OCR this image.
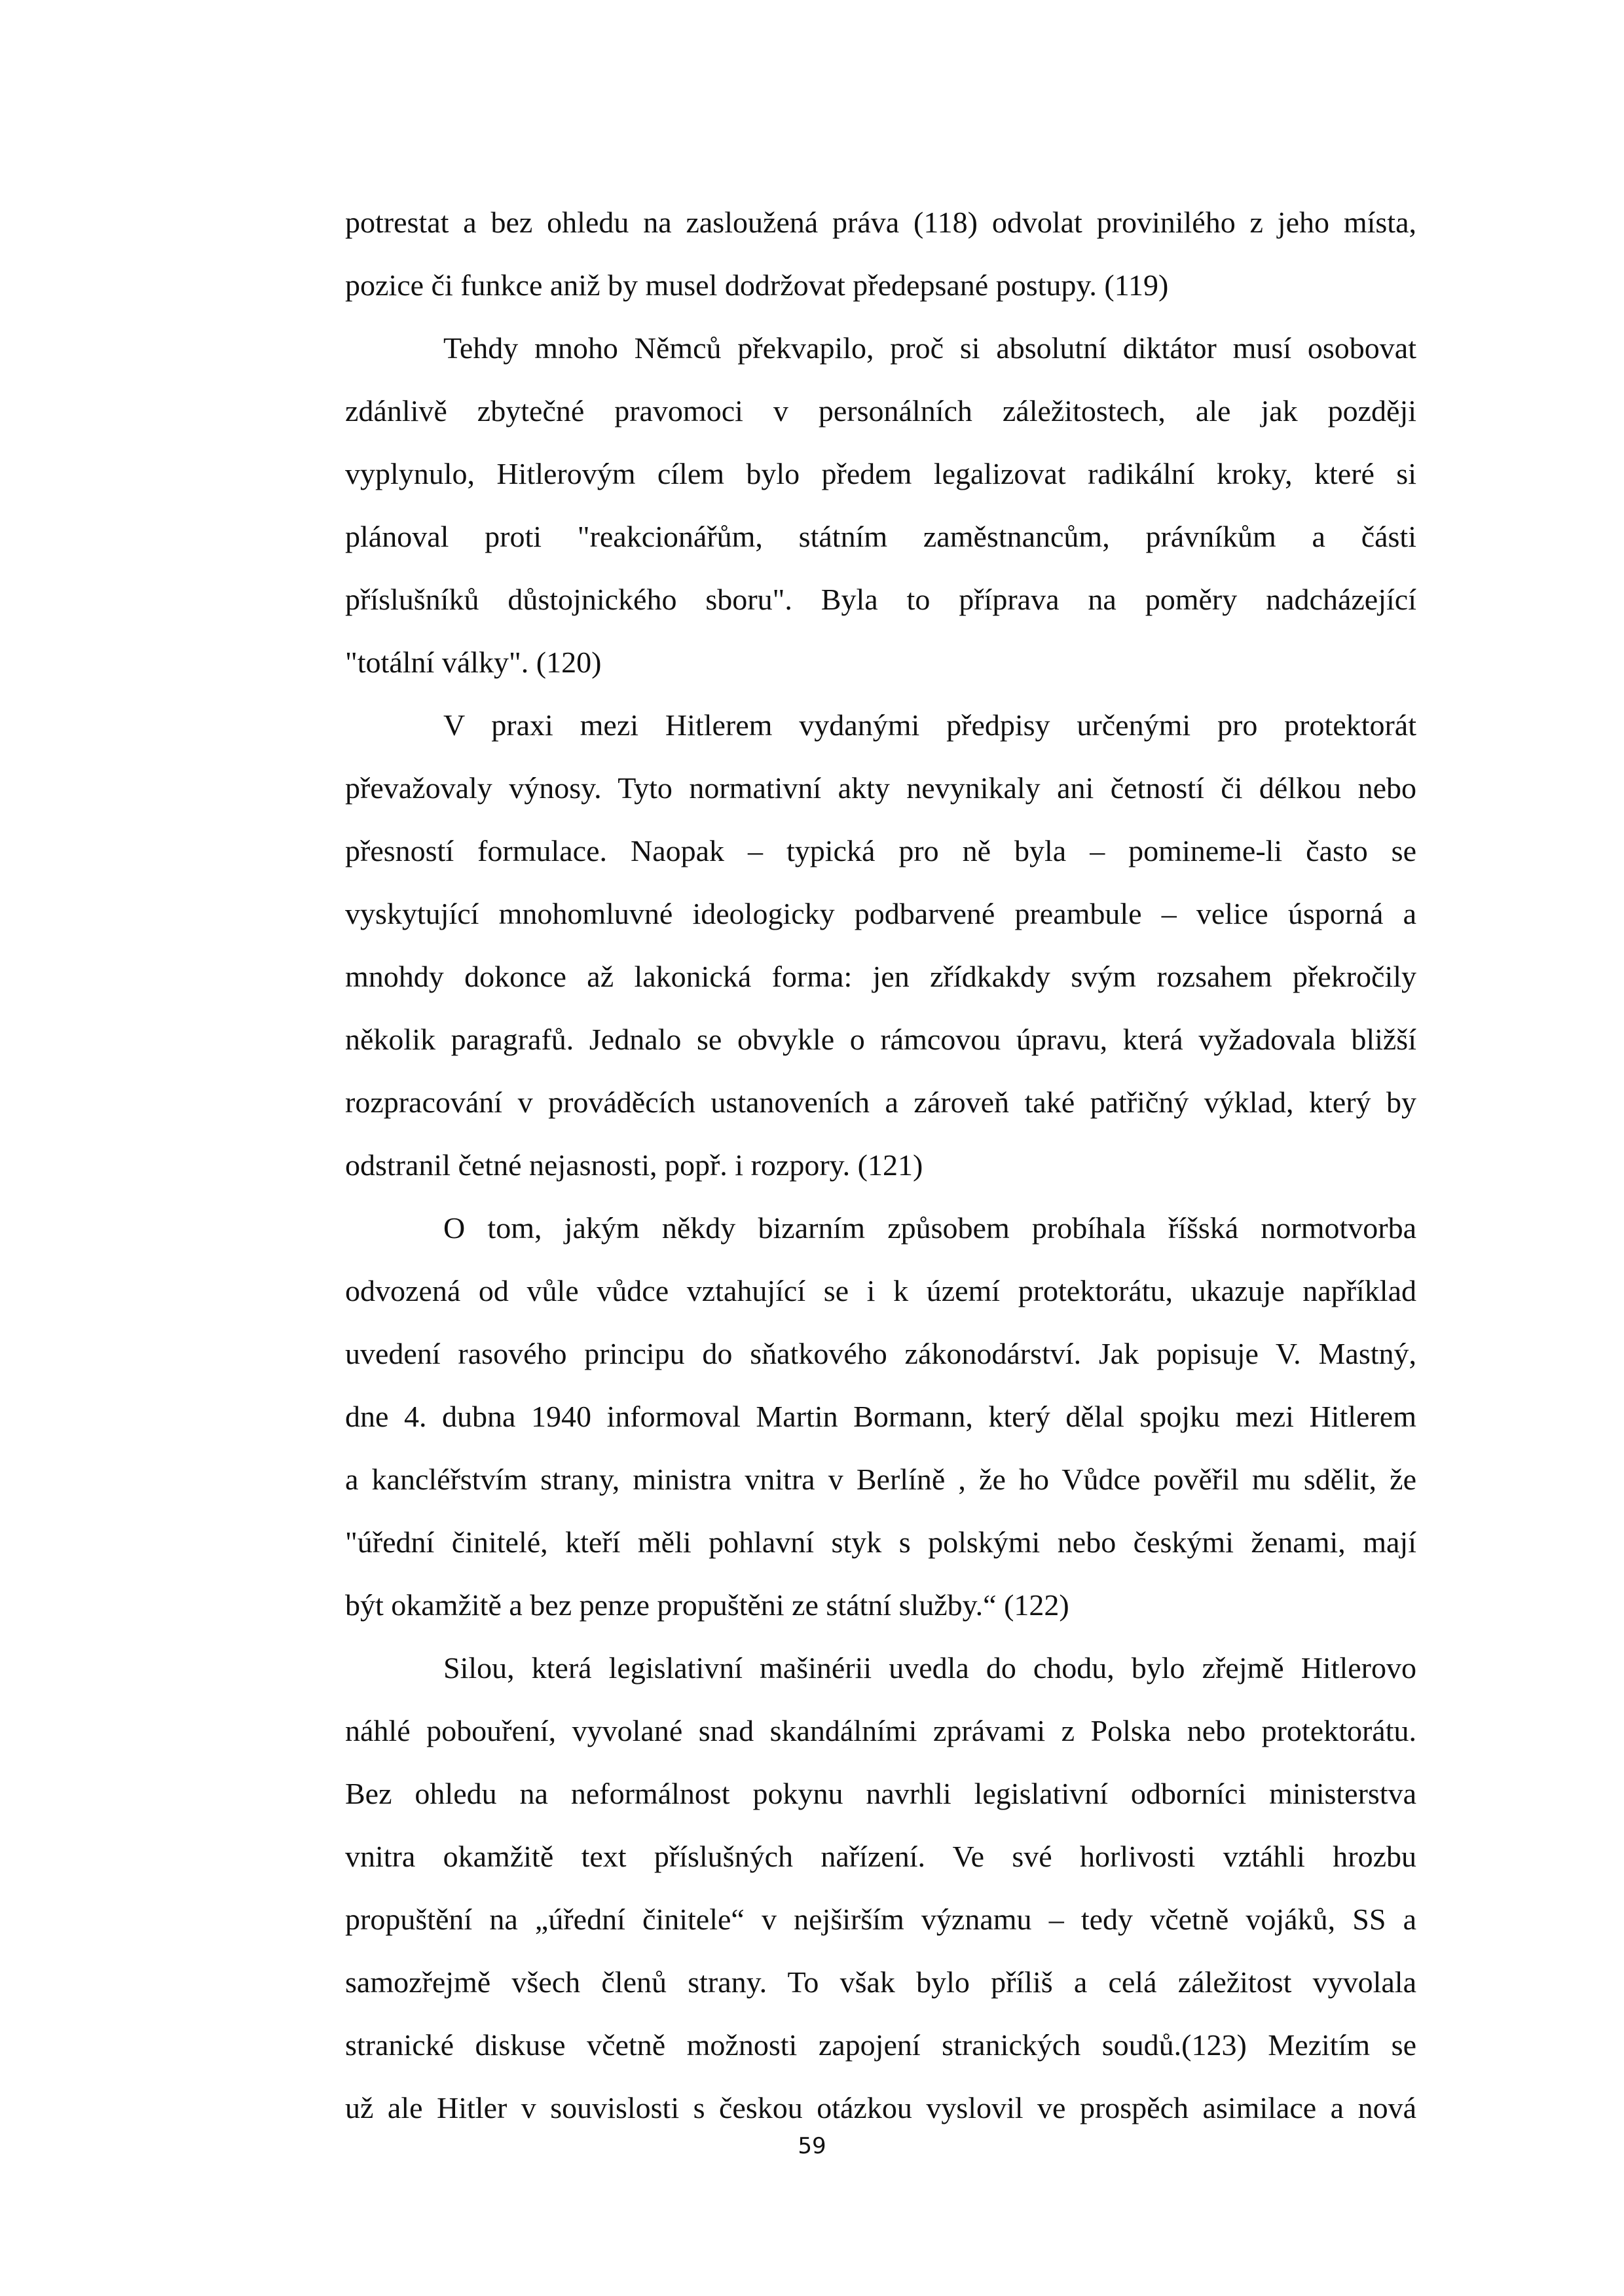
potrestat a bez ohledu na zasloužená práva (118) odvolat provinilého z jeho místa,
pozice či funkce aniž by musel dodržovat předepsané postupy. (119)
Tehdy mnoho Němců překvapilo, proč si absolutní diktátor musí osobovat
zdánlivě zbytečné pravomoci v personálních záležitostech, ale jak později
vyplynulo, Hitlerovým cílem bylo předem legalizovat radikální kroky, které si
plánoval proti "reakcionářům, státním zaměstnancům, právníkům a části
příslušníků důstojnického sboru". Byla to příprava na poměry nadcházející
"totální války". (120)
V praxi mezi Hitlerem vydanými předpisy určenými pro protektorát
převažovaly výnosy. Tyto normativní akty nevynikaly ani četností či délkou nebo
přesností formulace. Naopak – typická pro ně byla – pomineme-li často se
vyskytující mnohomluvné ideologicky podbarvené preambule – velice úsporná a
mnohdy dokonce až lakonická forma: jen zřídkakdy svým rozsahem překročily
několik paragrafů. Jednalo se obvykle o rámcovou úpravu, která vyžadovala bližší
rozpracování v prováděcích ustanoveních a zároveň také patřičný výklad, který by
odstranil četné nejasnosti, popř. i rozpory. (121)
O tom, jakým někdy bizarním způsobem probíhala říšská normotvorba
odvozená od vůle vůdce vztahující se i k území protektorátu, ukazuje například
uvedení rasového principu do sňatkového zákonodárství. Jak popisuje V. Mastný,
dne 4. dubna 1940 informoval Martin Bormann, který dělal spojku mezi Hitlerem
a kancléřstvím strany, ministra vnitra v Berlíně , že ho Vůdce pověřil mu sdělit, že
"úřední činitelé, kteří měli pohlavní styk s polskými nebo českými ženami, mají
být okamžitě a bez penze propuštěni ze státní služby.“ (122)
Silou, která legislativní mašinérii uvedla do chodu, bylo zřejmě Hitlerovo
náhlé pobouření, vyvolané snad skandálními zprávami z Polska nebo protektorátu.
Bez ohledu na neformálnost pokynu navrhli legislativní odborníci ministerstva
vnitra okamžitě text příslušných nařízení. Ve své horlivosti vztáhli hrozbu
propuštění na „úřední činitele“ v nejširším významu – tedy včetně vojáků, SS a
samozřejmě všech členů strany. To však bylo příliš a celá záležitost vyvolala
stranické diskuse včetně možnosti zapojení stranických soudů.(123) Mezitím se
už ale Hitler v souvislosti s českou otázkou vyslovil ve prospěch asimilace a nová
59
